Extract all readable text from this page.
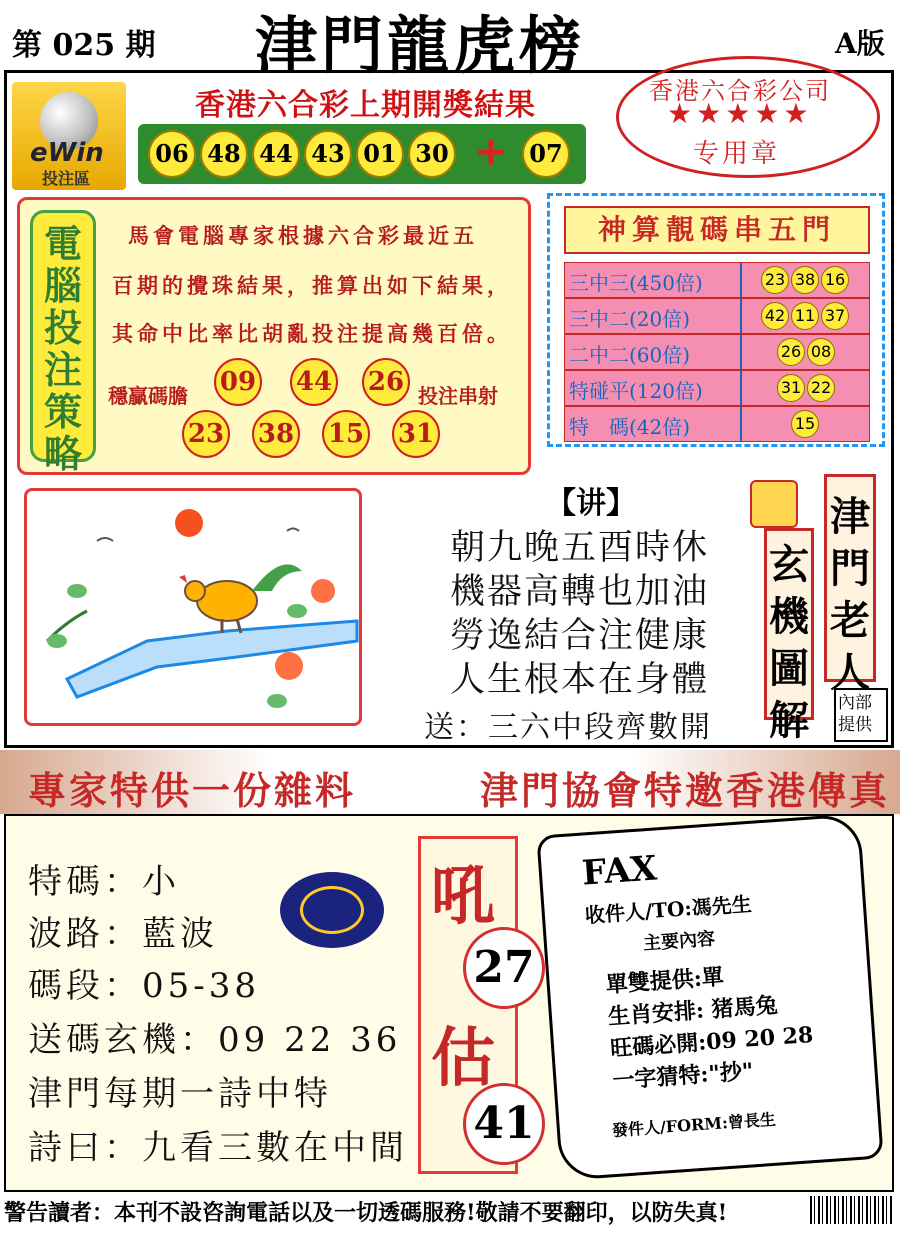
第 025 期 津門龍虎榜	A版
eWin
投注區
香港六合彩上期開獎結果
06 48 44 43 01 30 + 07
香港六合彩公司
★★★★★
专用章
電腦投注策略
馬會電腦專家根據六合彩最近五
百期的攪珠結果，推算出如下結果，
其命中比率比胡亂投注提高幾百倍。
穩贏碼膽 09 44 26 投注串射
23 38 15 31
神算靚碼串五門
三中三(450倍)	23 38 16
三中二(20倍)	42 11 37
二中二(60倍)	26 08
特碰平(120倍)	31 22
特　碼(42倍)	15
【讲】
朝九晚五酉時休
機器高轉也加油
勞逸結合注健康
人生根本在身體
送：三六中段齊數開
玄機圖解
津門老人
內部提供
專家特供一份雜料	津門協會特邀香港傳真
特碼：小
波路：藍波
碼段：05-38
送碼玄機：09 22 36
津門每期一詩中特
詩曰：九看三數在中間
吼
27
估
41
FAX
收件人/TO:馮先生
主要內容
單雙提供:單
生肖安排: 猪馬兔
旺碼必開:09 20 28
一字猜特:"抄"
發件人/FORM:曾長生
警告讀者：本刊不設咨詢電話以及一切透碼服務!敬請不要翻印，以防失真!
